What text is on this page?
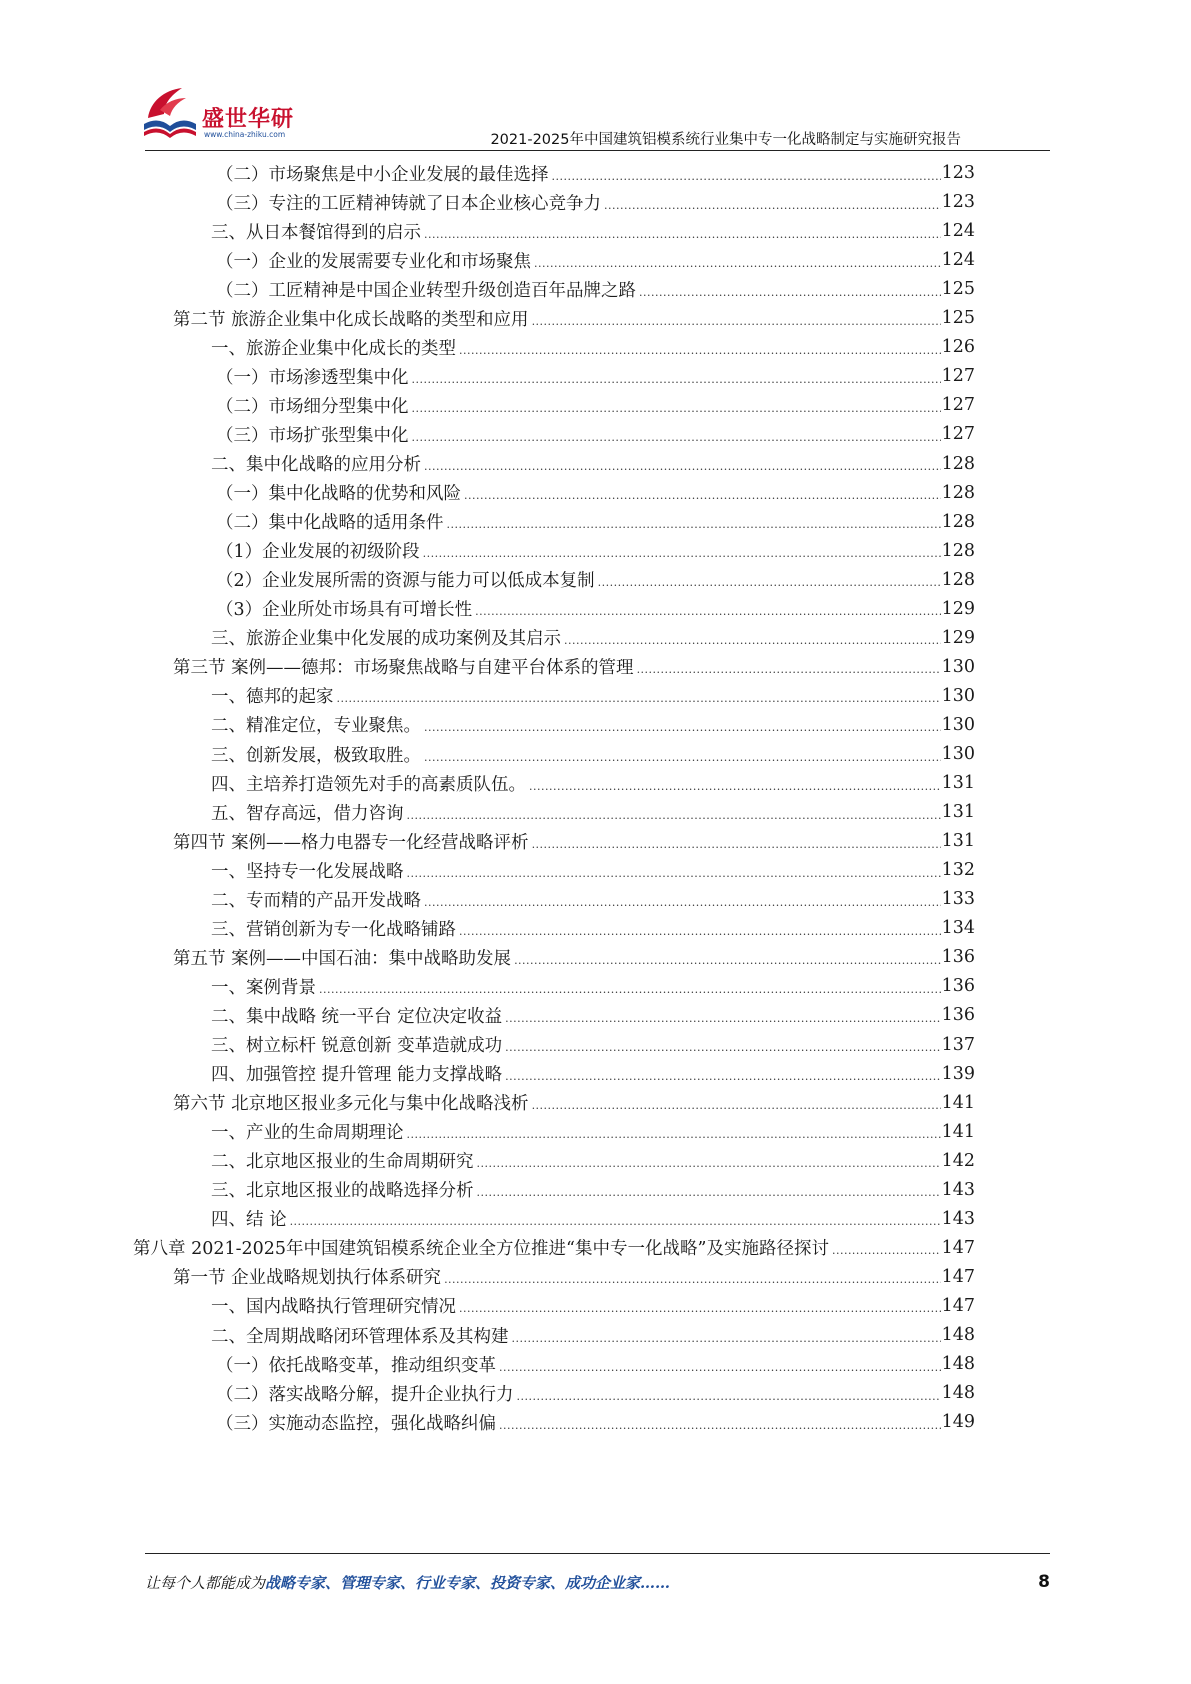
盛世华研
www.china-zhiku.com	2021-2025年中国建筑铝模系统行业集中专一化战略制定与实施研究报告
（二）市场聚焦是中小企业发展的最佳选择 .....	123
（三）专注的工匠精神铸就了日本企业核心竞争力 .....	123
三、从日本餐馆得到的启示 .....	124
（一）企业的发展需要专业化和市场聚焦 .....	124
（二）工匠精神是中国企业转型升级创造百年品牌之路 .....	125
第二节 旅游企业集中化成长战略的类型和应用 .....	125
一、旅游企业集中化成长的类型 .....	126
（一）市场渗透型集中化 .....	127
（二）市场细分型集中化 .....	127
（三）市场扩张型集中化 .....	127
二、集中化战略的应用分析 .....	128
（一）集中化战略的优势和风险 .....	128
（二）集中化战略的适用条件 .....	128
（1）企业发展的初级阶段 .....	128
（2）企业发展所需的资源与能力可以低成本复制 .....	128
（3）企业所处市场具有可增长性 .....	129
三、旅游企业集中化发展的成功案例及其启示 .....	129
第三节 案例——德邦：市场聚焦战略与自建平台体系的管理 .....	130
一、德邦的起家 .....	130
二、精准定位，专业聚焦。 .....	130
三、创新发展，极致取胜。 .....	130
四、主培养打造领先对手的高素质队伍。 .....	131
五、智存高远，借力咨询 .....	131
第四节 案例——格力电器专一化经营战略评析 .....	131
一、坚持专一化发展战略 .....	132
二、专而精的产品开发战略 .....	133
三、营销创新为专一化战略铺路 .....	134
第五节 案例——中国石油：集中战略助发展 .....	136
一、案例背景 .....	136
二、集中战略 统一平台 定位决定收益 .....	136
三、树立标杆 锐意创新 变革造就成功 .....	137
四、加强管控 提升管理 能力支撑战略 .....	139
第六节 北京地区报业多元化与集中化战略浅析 .....	141
一、产业的生命周期理论 .....	141
二、北京地区报业的生命周期研究 .....	142
三、北京地区报业的战略选择分析 .....	143
四、结 论 .....	143
第八章 2021-2025年中国建筑铝模系统企业全方位推进“集中专一化战略”及实施路径探讨 .....	147
第一节 企业战略规划执行体系研究 .....	147
一、国内战略执行管理研究情况 .....	147
二、全周期战略闭环管理体系及其构建 .....	148
（一）依托战略变革，推动组织变革 .....	148
（二）落实战略分解，提升企业执行力 .....	148
（三）实施动态监控，强化战略纠偏 .....	149
让每个人都能成为战略专家、管理专家、行业专家、投资专家、成功企业家……	8
